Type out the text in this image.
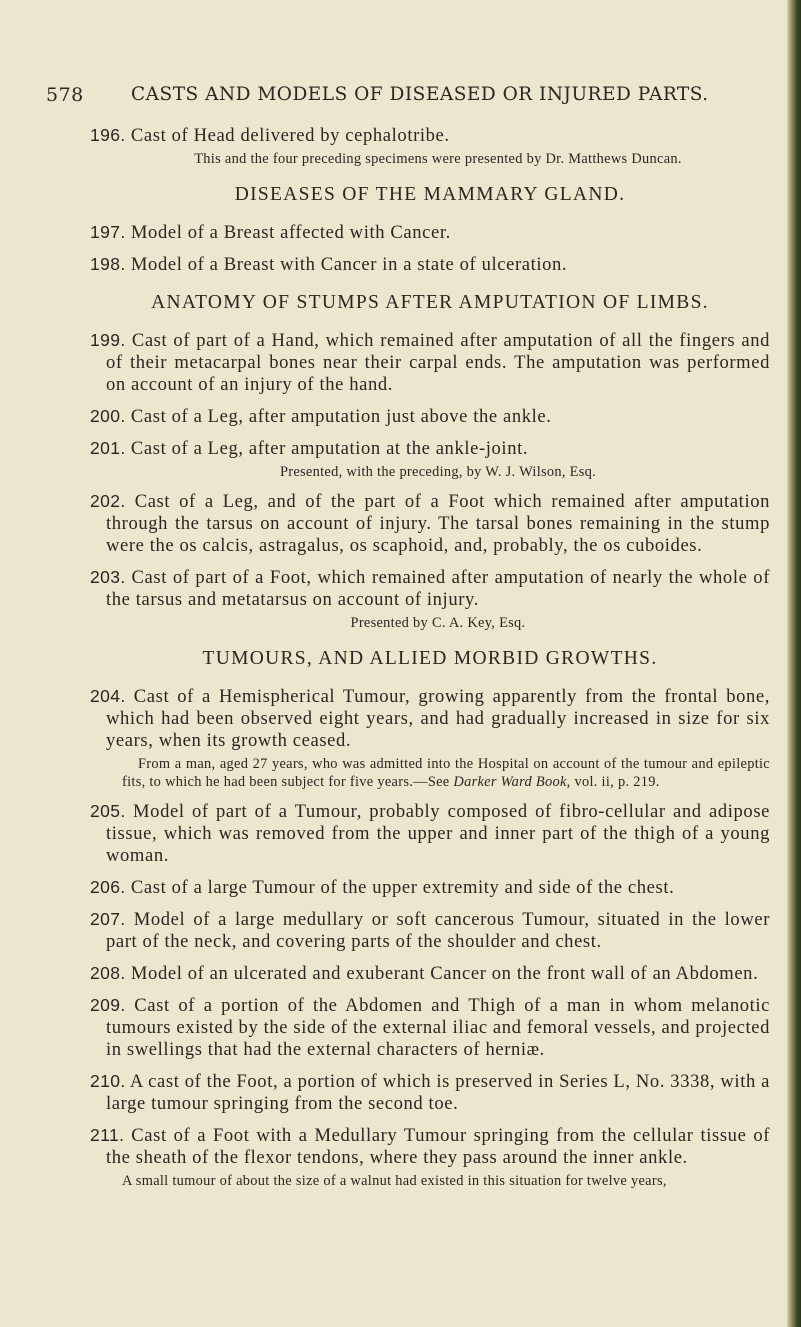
578	CASTS AND MODELS OF DISEASED OR INJURED PARTS.
196. Cast of Head delivered by cephalotribe.
This and the four preceding specimens were presented by Dr. Matthews Duncan.
DISEASES OF THE MAMMARY GLAND.
197. Model of a Breast affected with Cancer.
198. Model of a Breast with Cancer in a state of ulceration.
ANATOMY OF STUMPS AFTER AMPUTATION OF LIMBS.
199. Cast of part of a Hand, which remained after amputation of all the fingers and of their metacarpal bones near their carpal ends. The amputation was performed on account of an injury of the hand.
200. Cast of a Leg, after amputation just above the ankle.
201. Cast of a Leg, after amputation at the ankle-joint.
Presented, with the preceding, by W. J. Wilson, Esq.
202. Cast of a Leg, and of the part of a Foot which remained after amputation through the tarsus on account of injury. The tarsal bones remaining in the stump were the os calcis, astragalus, os scaphoid, and, probably, the os cuboides.
203. Cast of part of a Foot, which remained after amputation of nearly the whole of the tarsus and metatarsus on account of injury.
Presented by C. A. Key, Esq.
TUMOURS, AND ALLIED MORBID GROWTHS.
204. Cast of a Hemispherical Tumour, growing apparently from the frontal bone, which had been observed eight years, and had gradually increased in size for six years, when its growth ceased.
From a man, aged 27 years, who was admitted into the Hospital on account of the tumour and epileptic fits, to which he had been subject for five years.—See Darker Ward Book, vol. ii, p. 219.
205. Model of part of a Tumour, probably composed of fibro-cellular and adipose tissue, which was removed from the upper and inner part of the thigh of a young woman.
206. Cast of a large Tumour of the upper extremity and side of the chest.
207. Model of a large medullary or soft cancerous Tumour, situated in the lower part of the neck, and covering parts of the shoulder and chest.
208. Model of an ulcerated and exuberant Cancer on the front wall of an Abdomen.
209. Cast of a portion of the Abdomen and Thigh of a man in whom melanotic tumours existed by the side of the external iliac and femoral vessels, and projected in swellings that had the external characters of herniæ.
210. A cast of the Foot, a portion of which is preserved in Series L, No. 3338, with a large tumour springing from the second toe.
211. Cast of a Foot with a Medullary Tumour springing from the cellular tissue of the sheath of the flexor tendons, where they pass around the inner ankle.
A small tumour of about the size of a walnut had existed in this situation for twelve years,
